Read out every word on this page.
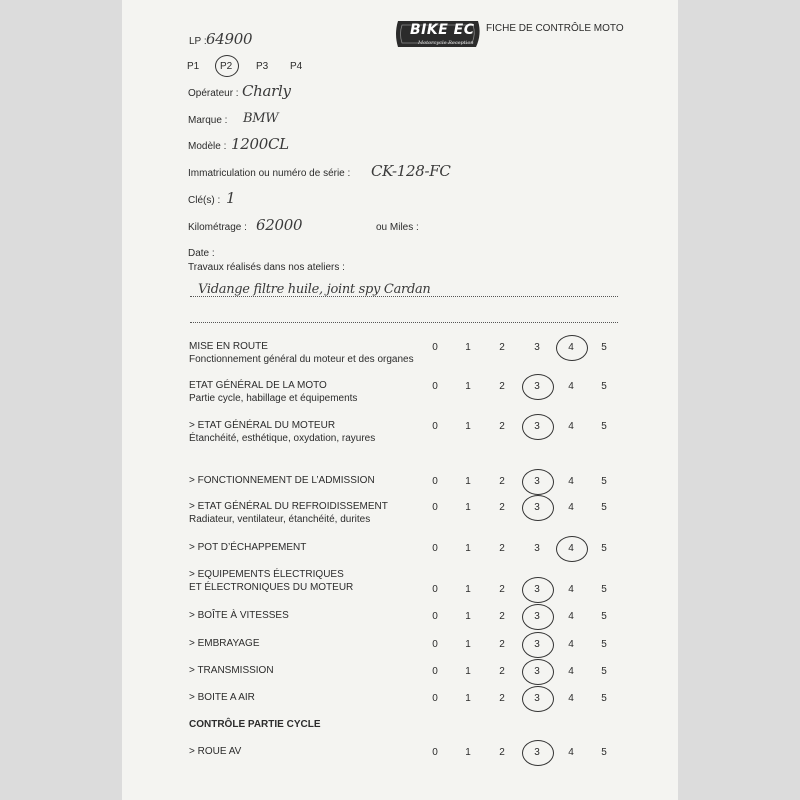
BIKE EC
Motorcycle Reception
FICHE DE CONTRÔLE MOTO
LP : 64900
P1 P2 P3 P4
Opérateur : Charly
Marque : BMW
Modèle : 1200CL
Immatriculation ou numéro de série : CK-128-FC
Clé(s) : 1
Kilométrage : 62000	ou Miles :
Date :
Travaux réalisés dans nos ateliers :
Vidange filtre huile, joint spy Cardan
MISE EN ROUTE
Fonctionnement général du moteur et des organes
0	1	2	3	4	5
ETAT GÉNÉRAL DE LA MOTO
Partie cycle, habillage et équipements
0	1	2	3	4	5
> ETAT GÉNÉRAL DU MOTEUR
Étanchéité, esthétique, oxydation, rayures
0	1	2	3	4	5
> FONCTIONNEMENT DE L’ADMISSION	0	1	2	3	4	5
> ETAT GÉNÉRAL DU REFROIDISSEMENT
Radiateur, ventilateur, étanchéité, durites
0	1	2	3	4	5
> POT D’ÉCHAPPEMENT	0	1	2	3	4	5
> EQUIPEMENTS ÉLECTRIQUES
ET ÉLECTRONIQUES DU MOTEUR	0	1	2	3	4	5
> BOÎTE À VITESSES	0	1	2	3	4	5
> EMBRAYAGE	0	1	2	3	4	5
> TRANSMISSION	0	1	2	3	4	5
> BOITE A AIR	0	1	2	3	4	5
CONTRÔLE PARTIE CYCLE
> ROUE AV	0	1	2	3	4	5
